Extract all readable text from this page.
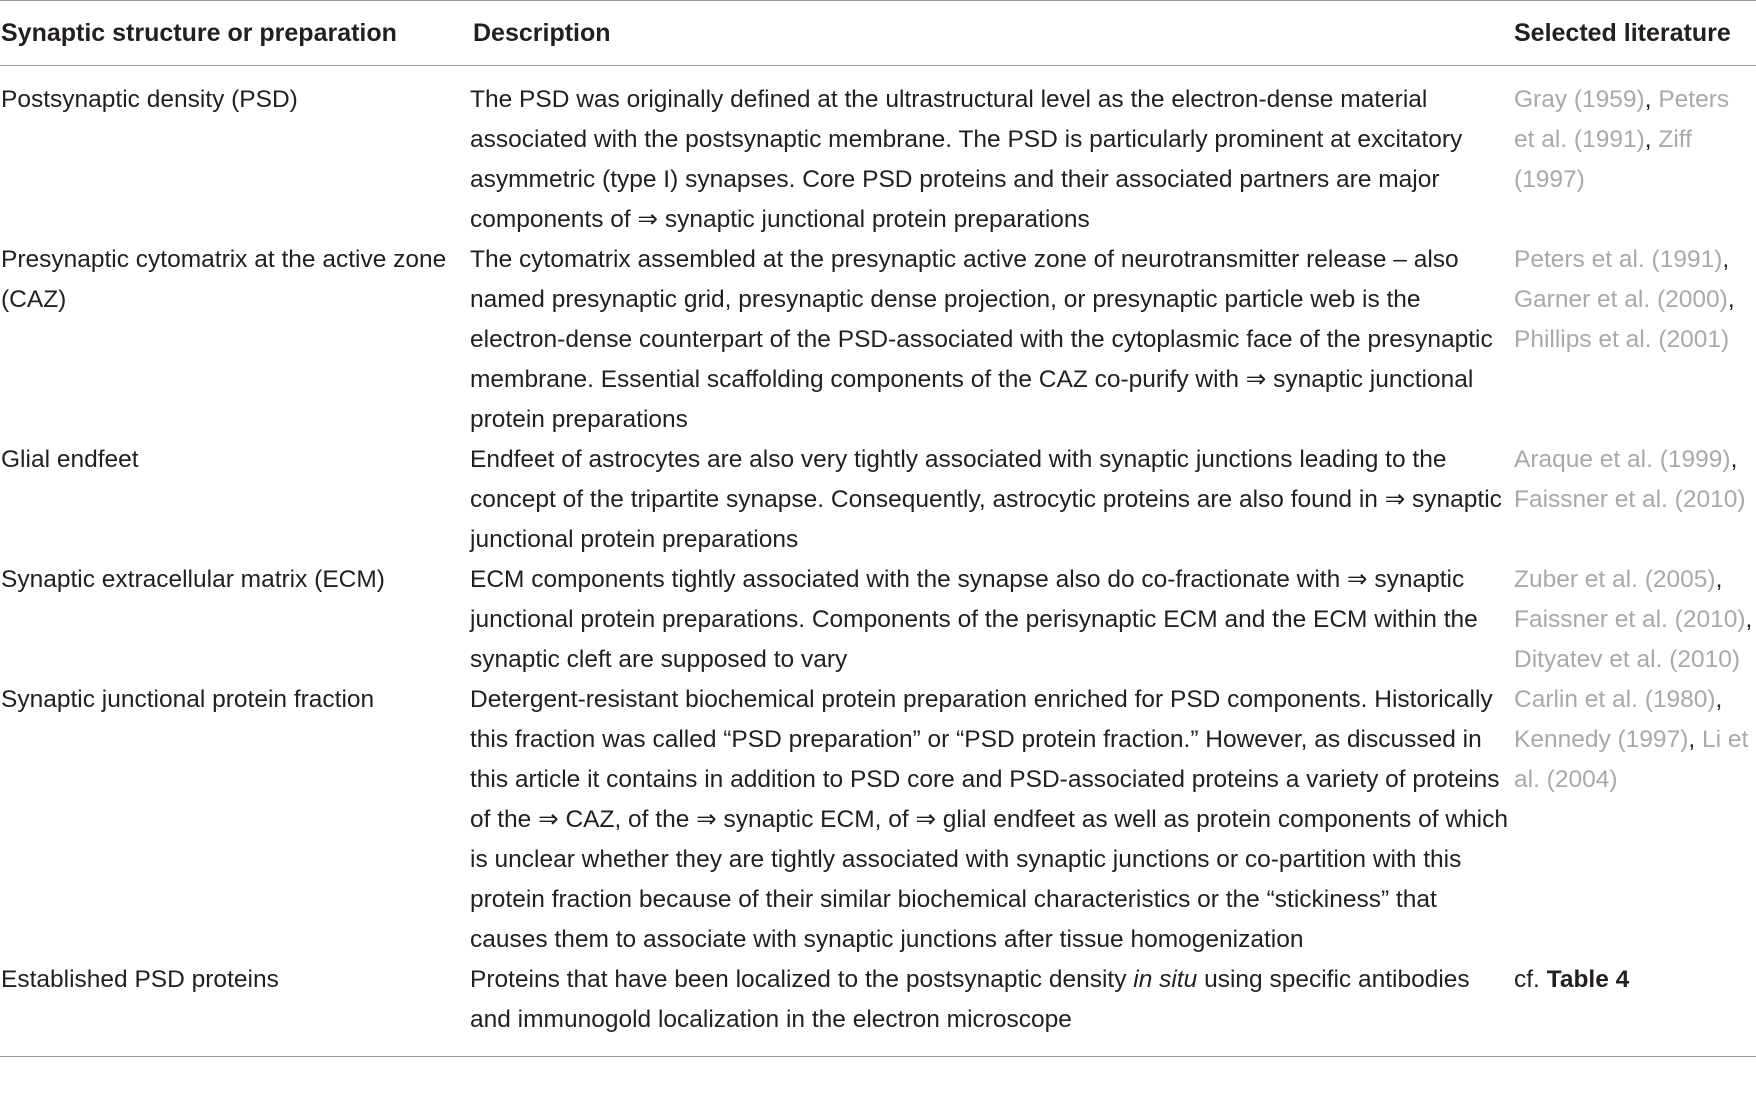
Synaptic structure or preparation	Description	Selected literature
Postsynaptic density (PSD)	The PSD was originally defined at the ultrastructural level as the electron-dense material associated with the postsynaptic membrane. The PSD is particularly prominent at excitatory asymmetric (type I) synapses. Core PSD proteins and their associated partners are major components of ⇒ synaptic junctional protein preparations	Gray (1959), Peters et al. (1991), Ziff (1997)
Presynaptic cytomatrix at the active zone (CAZ)	The cytomatrix assembled at the presynaptic active zone of neurotransmitter release – also named presynaptic grid, presynaptic dense projection, or presynaptic particle web is the electron-dense counterpart of the PSD-associated with the cytoplasmic face of the presynaptic membrane. Essential scaffolding components of the CAZ co-purify with ⇒ synaptic junctional protein preparations	Peters et al. (1991), Garner et al. (2000), Phillips et al. (2001)
Glial endfeet	Endfeet of astrocytes are also very tightly associated with synaptic junctions leading to the concept of the tripartite synapse. Consequently, astrocytic proteins are also found in ⇒ synaptic junctional protein preparations	Araque et al. (1999), Faissner et al. (2010)
Synaptic extracellular matrix (ECM)	ECM components tightly associated with the synapse also do co-fractionate with ⇒ synaptic junctional protein preparations. Components of the perisynaptic ECM and the ECM within the synaptic cleft are supposed to vary	Zuber et al. (2005), Faissner et al. (2010), Dityatev et al. (2010)
Synaptic junctional protein fraction	Detergent-resistant biochemical protein preparation enriched for PSD components. Historically this fraction was called “PSD preparation” or “PSD protein fraction.” However, as discussed in this article it contains in addition to PSD core and PSD-associated proteins a variety of proteins of the ⇒ CAZ, of the ⇒ synaptic ECM, of ⇒ glial endfeet as well as protein components of which is unclear whether they are tightly associated with synaptic junctions or co-partition with this protein fraction because of their similar biochemical characteristics or the “stickiness” that causes them to associate with synaptic junctions after tissue homogenization	Carlin et al. (1980), Kennedy (1997), Li et al. (2004)
Established PSD proteins	Proteins that have been localized to the postsynaptic density in situ using specific antibodies and immunogold localization in the electron microscope	cf. Table 4
